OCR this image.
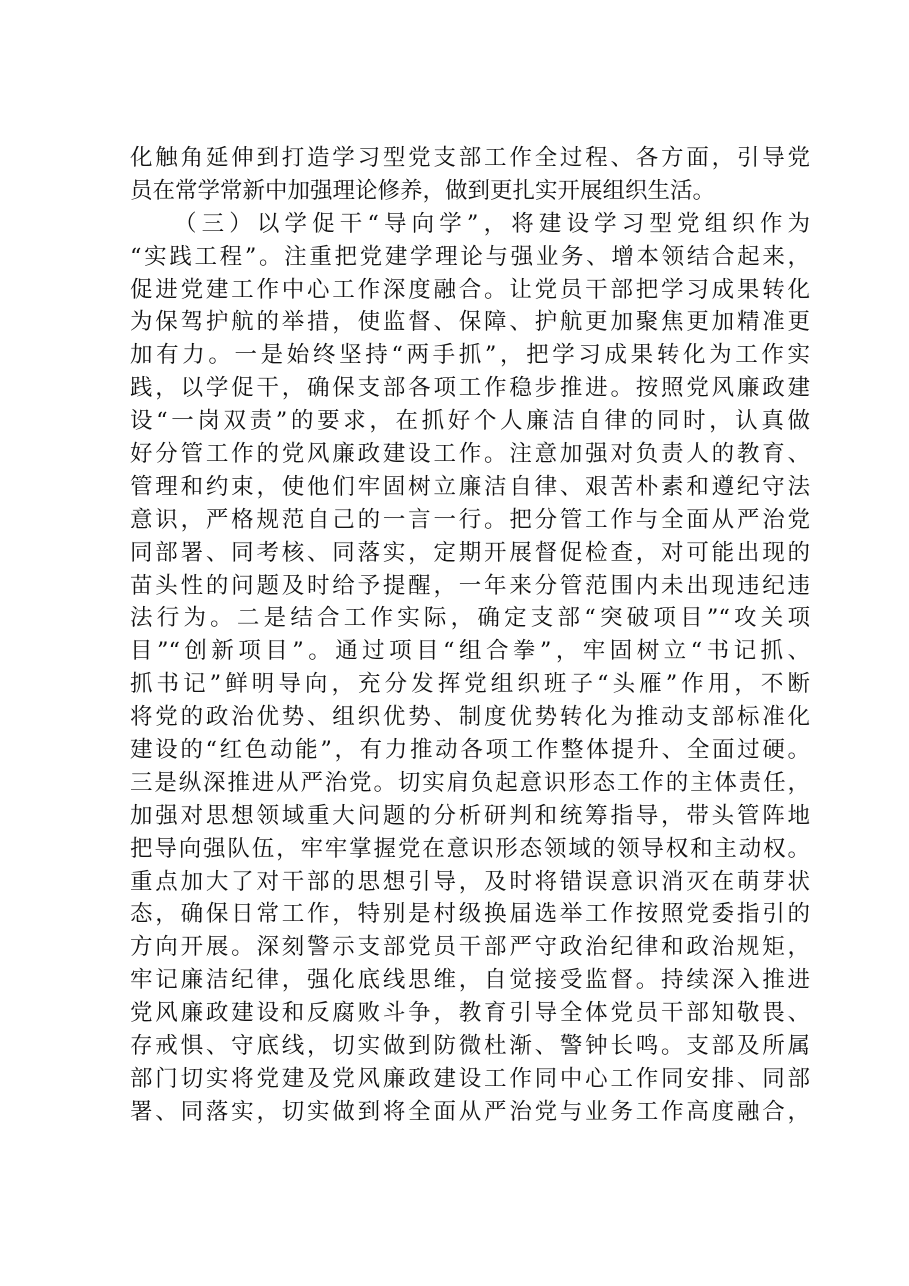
化触角延伸到打造学习型党支部工作全过程、各方面，引导党
员在常学常新中加强理论修养，做到更扎实开展组织生活。
（三）以学促干“导向学”，将建设学习型党组织作为
“实践工程”。注重把党建学理论与强业务、增本领结合起来，
促进党建工作中心工作深度融合。让党员干部把学习成果转化
为保驾护航的举措，使监督、保障、护航更加聚焦更加精准更
加有力。一是始终坚持“两手抓”，把学习成果转化为工作实
践，以学促干，确保支部各项工作稳步推进。按照党风廉政建
设“一岗双责”的要求，在抓好个人廉洁自律的同时，认真做
好分管工作的党风廉政建设工作。注意加强对负责人的教育、
管理和约束，使他们牢固树立廉洁自律、艰苦朴素和遵纪守法
意识，严格规范自己的一言一行。把分管工作与全面从严治党
同部署、同考核、同落实，定期开展督促检查，对可能出现的
苗头性的问题及时给予提醒，一年来分管范围内未出现违纪违
法行为。二是结合工作实际，确定支部“突破项目”“攻关项
目”“创新项目”。通过项目“组合拳”，牢固树立“书记抓、
抓书记”鲜明导向，充分发挥党组织班子“头雁”作用，不断
将党的政治优势、组织优势、制度优势转化为推动支部标准化
建设的“红色动能”，有力推动各项工作整体提升、全面过硬。
三是纵深推进从严治党。切实肩负起意识形态工作的主体责任，
加强对思想领域重大问题的分析研判和统筹指导，带头管阵地
把导向强队伍，牢牢掌握党在意识形态领域的领导权和主动权。
重点加大了对干部的思想引导，及时将错误意识消灭在萌芽状
态，确保日常工作，特别是村级换届选举工作按照党委指引的
方向开展。深刻警示支部党员干部严守政治纪律和政治规矩，
牢记廉洁纪律，强化底线思维，自觉接受监督。持续深入推进
党风廉政建设和反腐败斗争，教育引导全体党员干部知敬畏、
存戒惧、守底线，切实做到防微杜渐、警钟长鸣。支部及所属
部门切实将党建及党风廉政建设工作同中心工作同安排、同部
署、同落实，切实做到将全面从严治党与业务工作高度融合，
